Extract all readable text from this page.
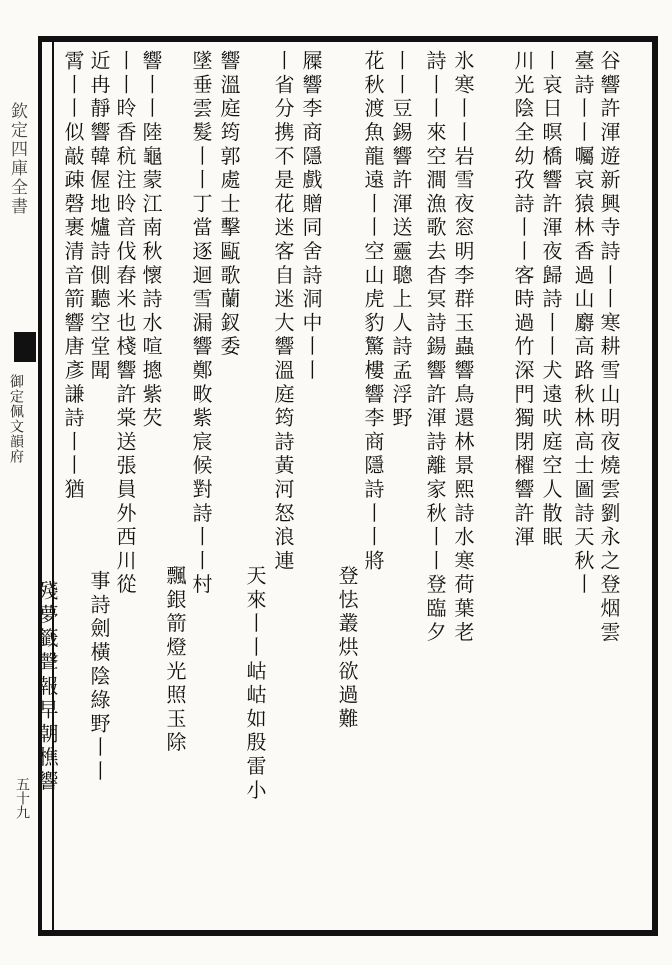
欽定四庫全書
御定佩文韻府
五十九
谷響許渾遊新興寺詩丨丨寒耕雪山明夜燒雲劉永之登烟雲
臺詩丨丨囑哀猿林香過山麝高路秋林高士圖詩天秋丨
丨哀日暝橋響許渾夜歸詩丨丨犬遠吠庭空人散眠
川光陰全幼孜詩丨丨客時過竹深門獨閉櫂響許渾
氷寒丨丨岩雪夜窓明李群玉蟲響鳥還林景熙詩水寒荷葉老
詩丨丨來空澗漁歌去杳冥詩鍚響許渾詩離家秋丨丨登臨夕
丨丨豆錫響許渾送靈聰上人詩孟浮野
花秋渡魚龍遠丨丨空山虎豹驚樓響李商隱詩丨丨將
登怯叢烘欲過難
屧響李商隱戲贈同舍詩洞中丨丨
丨省分携不是花迷客自迷大響溫庭筠詩黃河怒浪連
天來丨丨岵岵如殷雷小
響溫庭筠郭處士擊甌歌蘭釵委
墜垂雲髮丨丨丁當逐迴雪漏響鄭畋紫宸候對詩丨丨村
飄銀箭燈光照玉除
響丨丨陸龜蒙江南秋懷詩水喧摠紫芡
丨丨昤香秔注昤音伐舂米也棧響許棠送張員外西川從
事詩劍橫陰綠野丨丨
近冉靜響韓偓地爐詩側聽空堂聞
霄丨丨似敲疎磬裹清音箭響唐彥謙詩丨丨猶
殘夢籤聲報早朝樵響
